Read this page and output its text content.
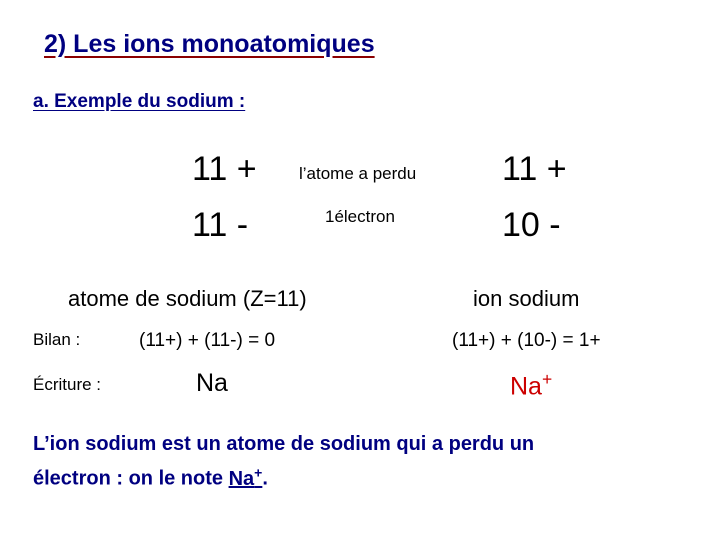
2) Les ions monoatomiques
a. Exemple du sodium :
11 +
11 -
atome de sodium (Z=11)
l’atome a perdu
1électron
11 +
10 -
ion sodium
Bilan :	(11+) + (11-) = 0	(11+) + (10-) = 1+
Écriture :	Na	Na+
L’ion sodium est un atome de sodium qui a perdu un
électron : on le note Na+.
